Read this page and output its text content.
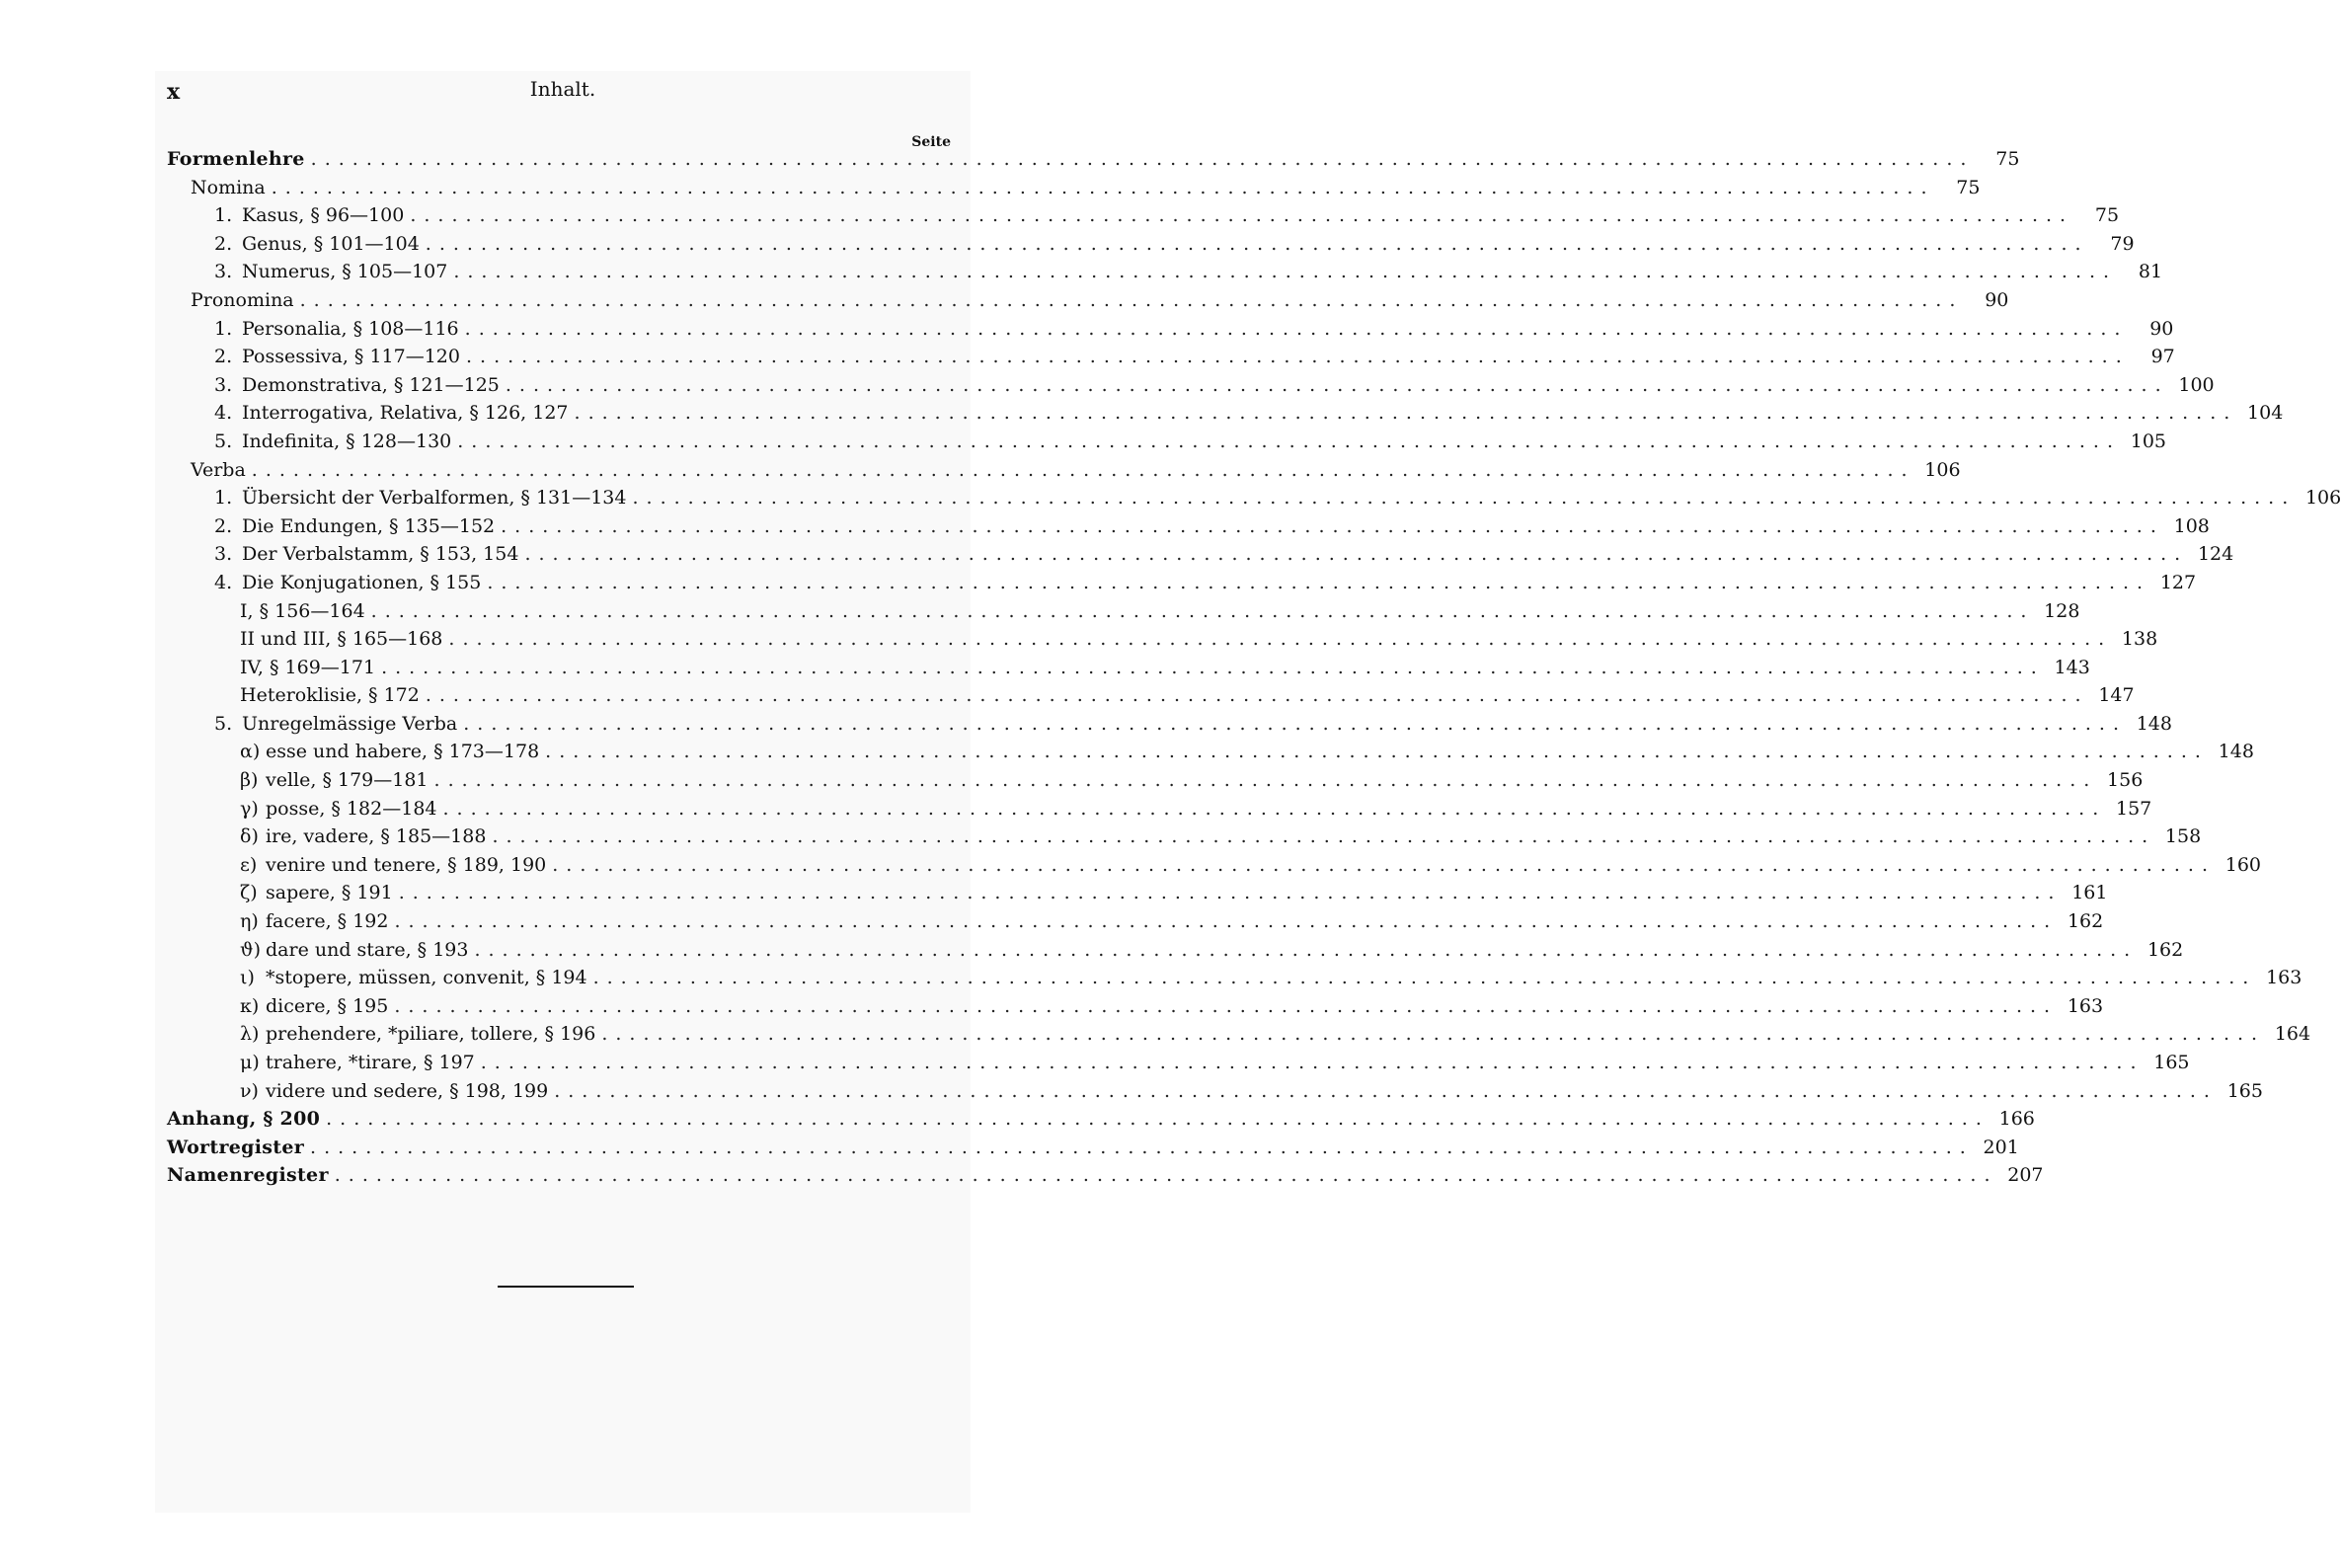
x	Inhalt.
Seite
Formenlehre ........................................................................................................................	75
Nomina ........................................................................................................................	75
1. Kasus, § 96—100 ........................................................................................................................	75
2. Genus, § 101—104 ........................................................................................................................	79
3. Numerus, § 105—107 ........................................................................................................................	81
Pronomina ........................................................................................................................	90
1. Personalia, § 108—116 ........................................................................................................................	90
2. Possessiva, § 117—120 ........................................................................................................................	97
3. Demonstrativa, § 121—125 ........................................................................................................................ 100
4. Interrogativa, Relativa, § 126, 127 ........................................................................................................................ 104
5. Indefinita, § 128—130 ........................................................................................................................ 105
Verba ........................................................................................................................ 106
1. Übersicht der Verbalformen, § 131—134 ........................................................................................................................ 106
2. Die Endungen, § 135—152 ........................................................................................................................ 108
3. Der Verbalstamm, § 153, 154 ........................................................................................................................ 124
4. Die Konjugationen, § 155 ........................................................................................................................ 127
I, § 156—164 ........................................................................................................................ 128
II und III, § 165—168 ........................................................................................................................ 138
IV, § 169—171 ........................................................................................................................ 143
Heteroklisie, § 172 ........................................................................................................................ 147
5. Unregelmässige Verba ........................................................................................................................ 148
α) esse und habere, § 173—178 ........................................................................................................................ 148
β) velle, § 179—181 ........................................................................................................................ 156
γ) posse, § 182—184 ........................................................................................................................ 157
δ) ire, vadere, § 185—188 ........................................................................................................................ 158
ε) venire und tenere, § 189, 190 ........................................................................................................................ 160
ζ) sapere, § 191 ........................................................................................................................ 161
η) facere, § 192 ........................................................................................................................ 162
ϑ) dare und stare, § 193 ........................................................................................................................ 162
ι) *stopere, müssen, convenit, § 194 ........................................................................................................................ 163
κ) dicere, § 195 ........................................................................................................................ 163
λ) prehendere, *piliare, tollere, § 196 ........................................................................................................................ 164
μ) trahere, *tirare, § 197 ........................................................................................................................ 165
ν) videre und sedere, § 198, 199 ........................................................................................................................ 165
Anhang, § 200 ........................................................................................................................ 166
Wortregister ........................................................................................................................ 201
Namenregister ........................................................................................................................ 207
